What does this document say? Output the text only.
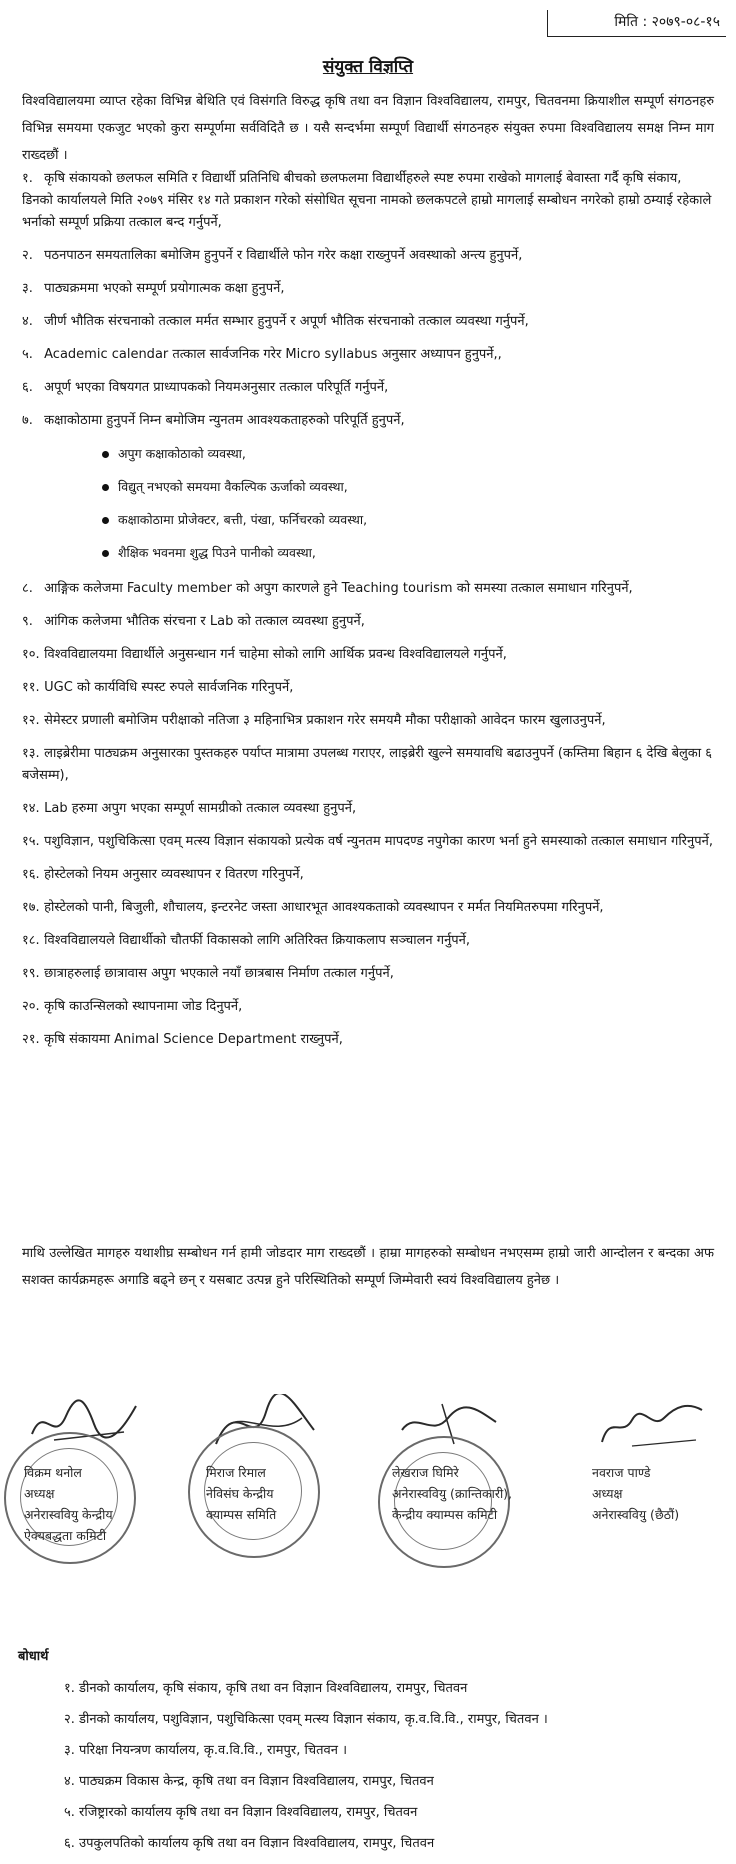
मिति : २०७९-०८-१५
संयुक्त विज्ञप्ति
विश्वविद्यालयमा व्याप्त रहेका विभिन्न बेथिति एवं विसंगति विरुद्ध कृषि तथा वन विज्ञान विश्वविद्यालय, रामपुर, चितवनमा क्रियाशील सम्पूर्ण संगठनहरु विभिन्न समयमा एकजुट भएको कुरा सम्पूर्णमा सर्वविदितै छ । यसै सन्दर्भमा सम्पूर्ण विद्यार्थी संगठनहरु संयुक्त रुपमा विश्वविद्यालय समक्ष निम्न माग राख्दछौं ।
१. कृषि संकायको छलफल समिति र विद्यार्थी प्रतिनिधि बीचको छलफलमा विद्यार्थीहरुले स्पष्ट रुपमा राखेको मागलाई बेवास्ता गर्दै कृषि संकाय, डिनको कार्यालयले मिति २०७९ मंसिर १४ गते प्रकाशन गरेको संसोधित सूचना नामको छलकपटले हाम्रो मागलाई सम्बोधन नगरेको हाम्रो ठम्याई रहेकाले भर्नाको सम्पूर्ण प्रक्रिया तत्काल बन्द गर्नुपर्ने,
२. पठनपाठन समयतालिका बमोजिम हुनुपर्ने र विद्यार्थीले फोन गरेर कक्षा राख्नुपर्ने अवस्थाको अन्त्य हुनुपर्ने,
३. पाठ्यक्रममा भएको सम्पूर्ण प्रयोगात्मक कक्षा हुनुपर्ने,
४. जीर्ण भौतिक संरचनाको तत्काल मर्मत सम्भार हुनुपर्ने र अपूर्ण भौतिक संरचनाको तत्काल व्यवस्था गर्नुपर्ने,
५. Academic calendar तत्काल सार्वजनिक गरेर Micro syllabus अनुसार अध्यापन हुनुपर्ने,,
६. अपूर्ण भएका विषयगत प्राध्यापकको नियमअनुसार तत्काल परिपूर्ति गर्नुपर्ने,
७. कक्षाकोठामा हुनुपर्ने निम्न बमोजिम न्युनतम आवश्यकताहरुको परिपूर्ति हुनुपर्ने,
अपुग कक्षाकोठाको व्यवस्था,
विद्युत् नभएको समयमा वैकल्पिक ऊर्जाको व्यवस्था,
कक्षाकोठामा प्रोजेक्टर, बत्ती, पंखा, फर्निचरको व्यवस्था,
शैक्षिक भवनमा शुद्ध पिउने पानीको व्यवस्था,
८. आङ्गिक कलेजमा Faculty member को अपुग कारणले हुने Teaching tourism को समस्या तत्काल समाधान गरिनुपर्ने,
९. आंगिक कलेजमा भौतिक संरचना र Lab को तत्काल व्यवस्था हुनुपर्ने,
१०. विश्वविद्यालयमा विद्यार्थीले अनुसन्धान गर्न चाहेमा सोको लागि आर्थिक प्रवन्ध विश्वविद्यालयले गर्नुपर्ने,
११. UGC को कार्यविधि स्पस्ट रुपले सार्वजनिक गरिनुपर्ने,
१२. सेमेस्टर प्रणाली बमोजिम परीक्षाको नतिजा ३ महिनाभित्र प्रकाशन गरेर समयमै मौका परीक्षाको आवेदन फारम खुलाउनुपर्ने,
१३. लाइब्रेरीमा पाठ्यक्रम अनुसारका पुस्तकहरु पर्याप्त मात्रामा उपलब्ध गराएर, लाइब्रेरी खुल्ने समयावधि बढाउनुपर्ने (कम्तिमा बिहान ६ देखि बेलुका ६ बजेसम्म),
१४. Lab हरुमा अपुग भएका सम्पूर्ण सामग्रीको तत्काल व्यवस्था हुनुपर्ने,
१५. पशुविज्ञान, पशुचिकित्सा एवम् मत्स्य विज्ञान संकायको प्रत्येक वर्ष न्युनतम मापदण्ड नपुगेका कारण भर्ना हुने समस्याको तत्काल समाधान गरिनुपर्ने,
१६. होस्टेलको नियम अनुसार व्यवस्थापन र वितरण गरिनुपर्ने,
१७. होस्टेलको पानी, बिजुली, शौचालय, इन्टरनेट जस्ता आधारभूत आवश्यकताको व्यवस्थापन र मर्मत नियमितरुपमा गरिनुपर्ने,
१८. विश्वविद्यालयले विद्यार्थीको चौतर्फी विकासको लागि अतिरिक्त क्रियाकलाप सञ्चालन गर्नुपर्ने,
१९. छात्राहरुलाई छात्रावास अपुग भएकाले नयाँ छात्रबास निर्माण तत्काल गर्नुपर्ने,
२०. कृषि काउन्सिलको स्थापनामा जोड दिनुपर्ने,
२१. कृषि संकायमा Animal Science Department राख्नुपर्ने,
माथि उल्लेखित मागहरु यथाशीघ्र सम्बोधन गर्न हामी जोडदार माग राख्दछौं । हाम्रा मागहरुको सम्बोधन नभएसम्म हाम्रो जारी आन्दोलन र बन्दका अफ सशक्त कार्यक्रमहरू अगाडि बढ्ने छन् र यसबाट उत्पन्न हुने परिस्थितिको सम्पूर्ण जिम्मेवारी स्वयं विश्वविद्यालय हुनेछ ।
विक्रम थनोल
अध्यक्ष
अनेरास्ववियु केन्द्रीय
ऐक्यबद्धता कमिटी
मिराज रिमाल
नेविसंघ केन्द्रीय
क्याम्पस समिति
लेखराज घिमिरे
अनेरास्ववियु (क्रान्तिकारी),
केन्द्रीय क्याम्पस कमिटी
नवराज पाण्डे
अध्यक्ष
अनेरास्ववियु (छैठौं)
बोधार्थ
१. डीनको कार्यालय, कृषि संकाय, कृषि तथा वन विज्ञान विश्वविद्यालय, रामपुर, चितवन
२. डीनको कार्यालय, पशुविज्ञान, पशुचिकित्सा एवम् मत्स्य विज्ञान संकाय, कृ.व.वि.वि., रामपुर, चितवन ।
३. परिक्षा नियन्त्रण कार्यालय, कृ.व.वि.वि., रामपुर, चितवन ।
४. पाठ्यक्रम विकास केन्द्र, कृषि तथा वन विज्ञान विश्वविद्यालय, रामपुर, चितवन
५. रजिष्ट्रारको कार्यालय कृषि तथा वन विज्ञान विश्वविद्यालय, रामपुर, चितवन
६. उपकुलपतिको कार्यालय कृषि तथा वन विज्ञान विश्वविद्यालय, रामपुर, चितवन
